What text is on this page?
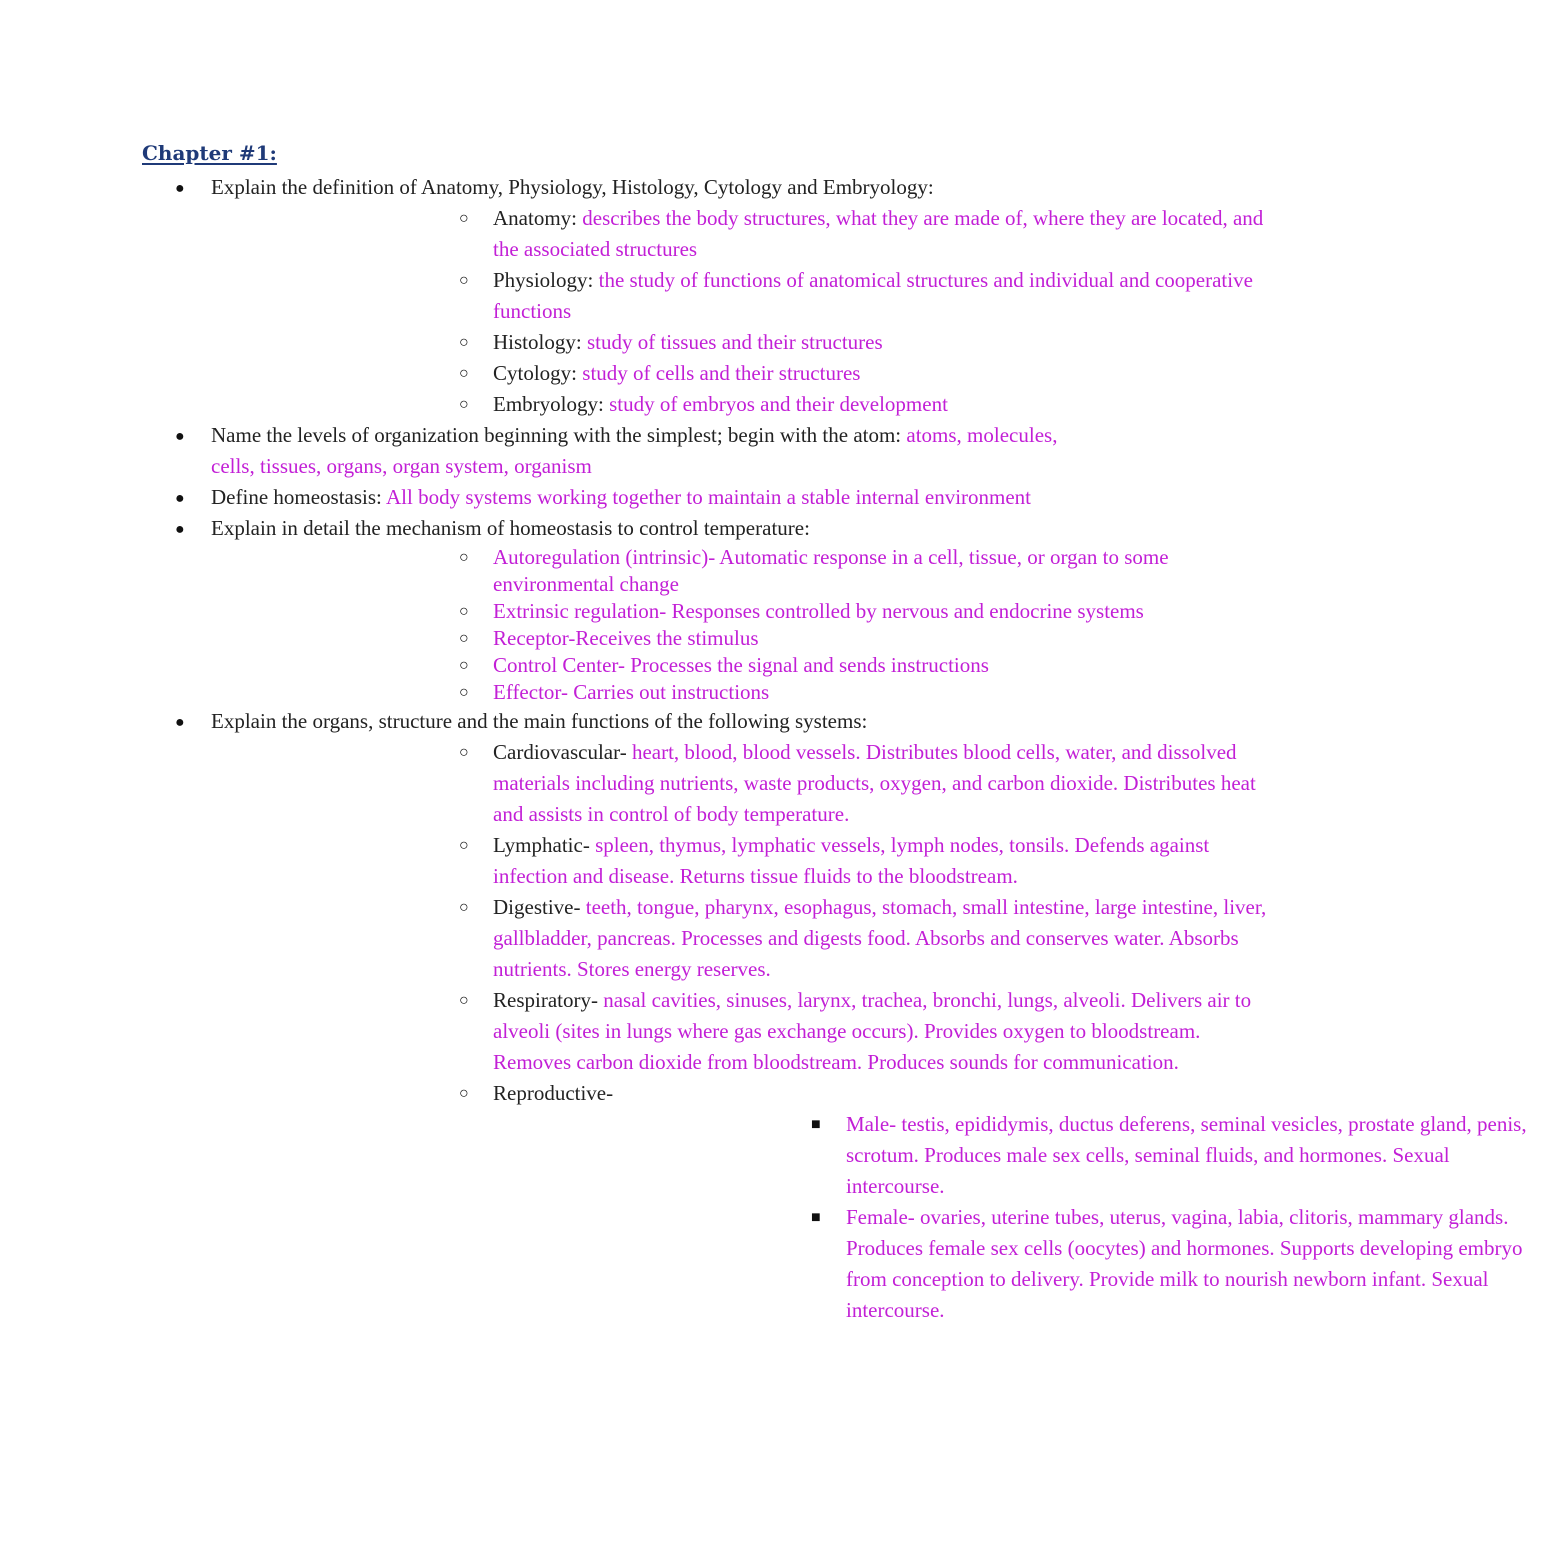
Chapter #1:
● Explain the definition of Anatomy, Physiology, Histology, Cytology and Embryology:
○ Anatomy: describes the body structures, what they are made of, where they are located, and the associated structures
○ Physiology: the study of functions of anatomical structures and individual and cooperative functions
○ Histology: study of tissues and their structures
○ Cytology: study of cells and their structures
○ Embryology: study of embryos and their development
● Name the levels of organization beginning with the simplest; begin with the atom: atoms, molecules, cells, tissues, organs, organ system, organism
● Define homeostasis: All body systems working together to maintain a stable internal environment
● Explain in detail the mechanism of homeostasis to control temperature:
○ Autoregulation (intrinsic)- Automatic response in a cell, tissue, or organ to some environmental change
○ Extrinsic regulation- Responses controlled by nervous and endocrine systems
○ Receptor-Receives the stimulus
○ Control Center- Processes the signal and sends instructions
○ Effector- Carries out instructions
● Explain the organs, structure and the main functions of the following systems:
○ Cardiovascular- heart, blood, blood vessels. Distributes blood cells, water, and dissolved materials including nutrients, waste products, oxygen, and carbon dioxide. Distributes heat and assists in control of body temperature.
○ Lymphatic- spleen, thymus, lymphatic vessels, lymph nodes, tonsils. Defends against infection and disease. Returns tissue fluids to the bloodstream.
○ Digestive- teeth, tongue, pharynx, esophagus, stomach, small intestine, large intestine, liver, gallbladder, pancreas. Processes and digests food. Absorbs and conserves water. Absorbs nutrients. Stores energy reserves.
○ Respiratory- nasal cavities, sinuses, larynx, trachea, bronchi, lungs, alveoli. Delivers air to alveoli (sites in lungs where gas exchange occurs). Provides oxygen to bloodstream. Removes carbon dioxide from bloodstream. Produces sounds for communication.
○ Reproductive-
■ Male- testis, epididymis, ductus deferens, seminal vesicles, prostate gland, penis, scrotum. Produces male sex cells, seminal fluids, and hormones. Sexual intercourse.
■ Female- ovaries, uterine tubes, uterus, vagina, labia, clitoris, mammary glands. Produces female sex cells (oocytes) and hormones. Supports developing embryo from conception to delivery. Provide milk to nourish newborn infant. Sexual intercourse.
